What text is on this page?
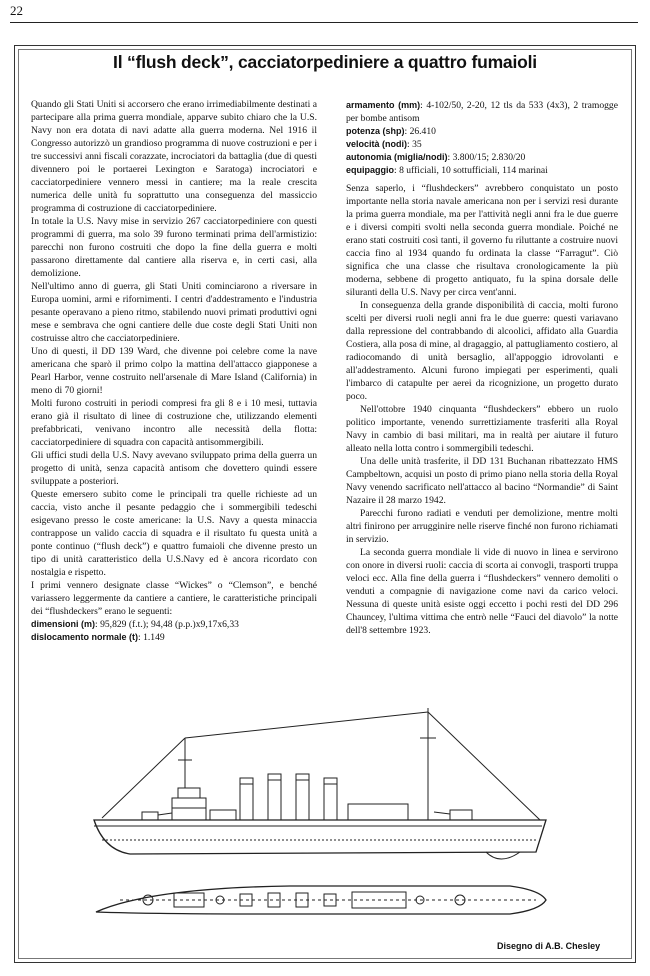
22
Il “flush deck”, cacciatorpediniere a quattro fumaioli

Quando gli Stati Uniti si accorsero che erano irrimediabilmente destinati a partecipare alla prima guerra mondiale, apparve subito chiaro che la U.S. Navy non era dotata di navi adatte alla guerra moderna. Nel 1916 il Congresso autorizzò un grandioso programma di nuove costruzioni e per i tre successivi anni fiscali corazzate, incrociatori da battaglia (due di questi divennero poi le portaerei Lexington e Saratoga) incrociatori e cacciatorpediniere vennero messi in cantiere; ma la reale crescita numerica delle unità fu soprattutto una conseguenza del massiccio programma di costruzione di cacciatorpediniere.

In totale la U.S. Navy mise in servizio 267 cacciatorpediniere con questi programmi di guerra, ma solo 39 furono terminati prima dell'armistizio: parecchi non furono costruiti che dopo la fine della guerra e molti passarono direttamente dal cantiere alla riserva e, in certi casi, alla demolizione.

Nell'ultimo anno di guerra, gli Stati Uniti cominciarono a riversare in Europa uomini, armi e rifornimenti. I centri d'addestramento e l'industria pesante operavano a pieno ritmo, stabilendo nuovi primati produttivi ogni mese e sembrava che ogni cantiere delle due coste degli Stati Uniti non costruisse altro che cacciatorpediniere.

Uno di questi, il DD 139 Ward, che divenne poi celebre come la nave americana che sparò il primo colpo la mattina dell'attacco giapponese a Pearl Harbor, venne costruito nell'arsenale di Mare Island (California) in meno di 70 giorni!

Molti furono costruiti in periodi compresi fra gli 8 e i 10 mesi, tuttavia erano già il risultato di linee di costruzione che, utilizzando elementi prefabbricati, venivano incontro alle necessità della flotta: cacciatorpediniere di squadra con capacità antisommergibili.

Gli uffici studi della U.S. Navy avevano sviluppato prima della guerra un progetto di unità, senza capacità antisom che dovettero quindi essere sviluppate a posteriori.

Queste emersero subito come le principali tra quelle richieste ad un caccia, visto anche il pesante pedaggio che i sommergibili tedeschi esigevano presso le coste americane: la U.S. Navy a questa minaccia contrappose un valido caccia di squadra e il risultato fu questa unità a ponte continuo (“flush deck”) e quattro fumaioli che divenne presto un tipo di unità caratteristico della U.S.Navy ed è ancora ricordato con nostalgia e rispetto.

I primi vennero designate classe “Wickes” o “Clemson”, e benché variassero leggermente da cantiere a cantiere, le caratteristiche principali dei “flushdeckers” erano le seguenti:

dimensioni (m): 95,829 (f.t.); 94,48 (p.p.)x9,17x6,33

dislocamento normale (t): 1.149

armamento (mm): 4-102/50, 2-20, 12 tls da 533 (4x3), 2 tramogge per bombe antisom

potenza (shp): 26.410

velocità (nodi): 35

autonomia (miglia/nodi): 3.800/15; 2.830/20

equipaggio: 8 ufficiali, 10 sottufficiali, 114 marinai

Senza saperlo, i “flushdeckers” avrebbero conquistato un posto importante nella storia navale americana non per i servizi resi durante la prima guerra mondiale, ma per l'attività negli anni fra le due guerre e i diversi compiti svolti nella seconda guerra mondiale. Poiché ne erano stati costruiti così tanti, il governo fu riluttante a costruire nuovi caccia fino al 1934 quando fu ordinata la classe “Farragut”. Ciò significa che una classe che risultava cronologicamente la più moderna, sebbene di progetto antiquato, fu la spina dorsale delle siluranti della U.S. Navy per circa vent'anni.

In conseguenza della grande disponibilità di caccia, molti furono scelti per diversi ruoli negli anni fra le due guerre: questi variavano dalla repressione del contrabbando di alcoolici, affidato alla Guardia Costiera, alla posa di mine, al dragaggio, al pattugliamento costiero, al radiocomando di unità bersaglio, all'appoggio idrovolanti e all'addestramento. Alcuni furono impiegati per esperimenti, quali l'imbarco di catapulte per aerei da ricognizione, un progetto durato poco.

Nell'ottobre 1940 cinquanta “flushdeckers” ebbero un ruolo politico importante, venendo surrettiziamente trasferiti alla Royal Navy in cambio di basi militari, ma in realtà per aiutare il futuro alleato nella lotta contro i sommergibili tedeschi.

Una delle unità trasferite, il DD 131 Buchanan ribattezzato HMS Campbeltown, acquisì un posto di primo piano nella storia della Royal Navy venendo sacrificato nell'attacco al bacino “Normandie” di Saint Nazaire il 28 marzo 1942.

Parecchi furono radiati e venduti per demolizione, mentre molti altri finirono per arrugginire nelle riserve finché non furono richiamati in servizio.

La seconda guerra mondiale li vide di nuovo in linea e servirono con onore in diversi ruoli: caccia di scorta ai convogli, trasporti truppa veloci ecc. Alla fine della guerra i “flushdeckers” vennero demoliti o venduti a compagnie di navigazione come navi da carico veloci. Nessuna di queste unità esiste oggi eccetto i pochi resti del DD 296 Chauncey, l'ultima vittima che entrò nelle “Fauci del diavolo” la notte dell'8 settembre 1923.

Disegno di A.B. Chesley
